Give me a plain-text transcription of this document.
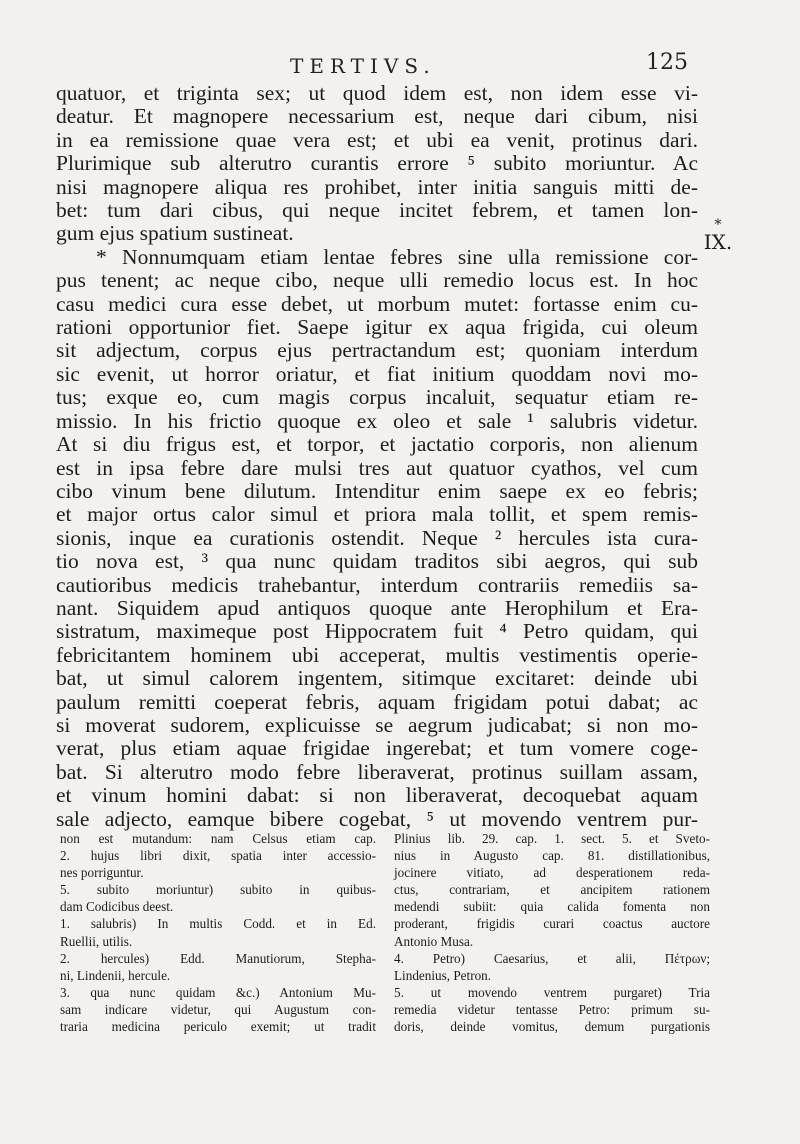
TERTIVS.	125
*
IX.
quatuor, et triginta sex; ut quod idem est, non idem esse vi-
deatur. Et magnopere necessarium est, neque dari cibum, nisi
in ea remissione quae vera est; et ubi ea venit, protinus dari.
Plurimique sub alterutro curantis errore ⁵ subito moriuntur. Ac
nisi magnopere aliqua res prohibet, inter initia sanguis mitti de-
bet: tum dari cibus, qui neque incitet febrem, et tamen lon-
gum ejus spatium sustineat.
* Nonnumquam etiam lentae febres sine ulla remissione cor-
pus tenent; ac neque cibo, neque ulli remedio locus est. In hoc
casu medici cura esse debet, ut morbum mutet: fortasse enim cu-
rationi opportunior fiet. Saepe igitur ex aqua frigida, cui oleum
sit adjectum, corpus ejus pertractandum est; quoniam interdum
sic evenit, ut horror oriatur, et fiat initium quoddam novi mo-
tus; exque eo, cum magis corpus incaluit, sequatur etiam re-
missio. In his frictio quoque ex oleo et sale ¹ salubris videtur.
At si diu frigus est, et torpor, et jactatio corporis, non alienum
est in ipsa febre dare mulsi tres aut quatuor cyathos, vel cum
cibo vinum bene dilutum. Intenditur enim saepe ex eo febris;
et major ortus calor simul et priora mala tollit, et spem remis-
sionis, inque ea curationis ostendit. Neque ² hercules ista cura-
tio nova est, ³ qua nunc quidam traditos sibi aegros, qui sub
cautioribus medicis trahebantur, interdum contrariis remediis sa-
nant. Siquidem apud antiquos quoque ante Herophilum et Era-
sistratum, maximeque post Hippocratem fuit ⁴ Petro quidam, qui
febricitantem hominem ubi acceperat, multis vestimentis operie-
bat, ut simul calorem ingentem, sitimque excitaret: deinde ubi
paulum remitti coeperat febris, aquam frigidam potui dabat; ac
si moverat sudorem, explicuisse se aegrum judicabat; si non mo-
verat, plus etiam aquae frigidae ingerebat; et tum vomere coge-
bat. Si alterutro modo febre liberaverat, protinus suillam assam,
et vinum homini dabat: si non liberaverat, decoquebat aquam
sale adjecto, eamque bibere cogebat, ⁵ ut movendo ventrem pur-
non est mutandum: nam Celsus etiam cap.
2. hujus libri dixit, spatia inter accessio-
nes porriguntur.
5. subito moriuntur) subito in quibus-
dam Codicibus deest.
1. salubris) In multis Codd. et in Ed.
Ruellii, utilis.
2. hercules) Edd. Manutiorum, Stepha-
ni, Lindenii, hercule.
3. qua nunc quidam &c.) Antonium Mu-
sam indicare videtur, qui Augustum con-
traria medicina periculo exemit; ut tradit
Plinius lib. 29. cap. 1. sect. 5. et Sveto-
nius in Augusto cap. 81. distillationibus,
jocinere vitiato, ad desperationem reda-
ctus, contrariam, et ancipitem rationem
medendi subiit: quia calida fomenta non
proderant, frigidis curari coactus auctore
Antonio Musa.
4. Petro) Caesarius, et alii, Πέτρων;
Lindenius, Petron.
5. ut movendo ventrem purgaret) Tria
remedia videtur tentasse Petro: primum su-
doris, deinde vomitus, demum purgationis
